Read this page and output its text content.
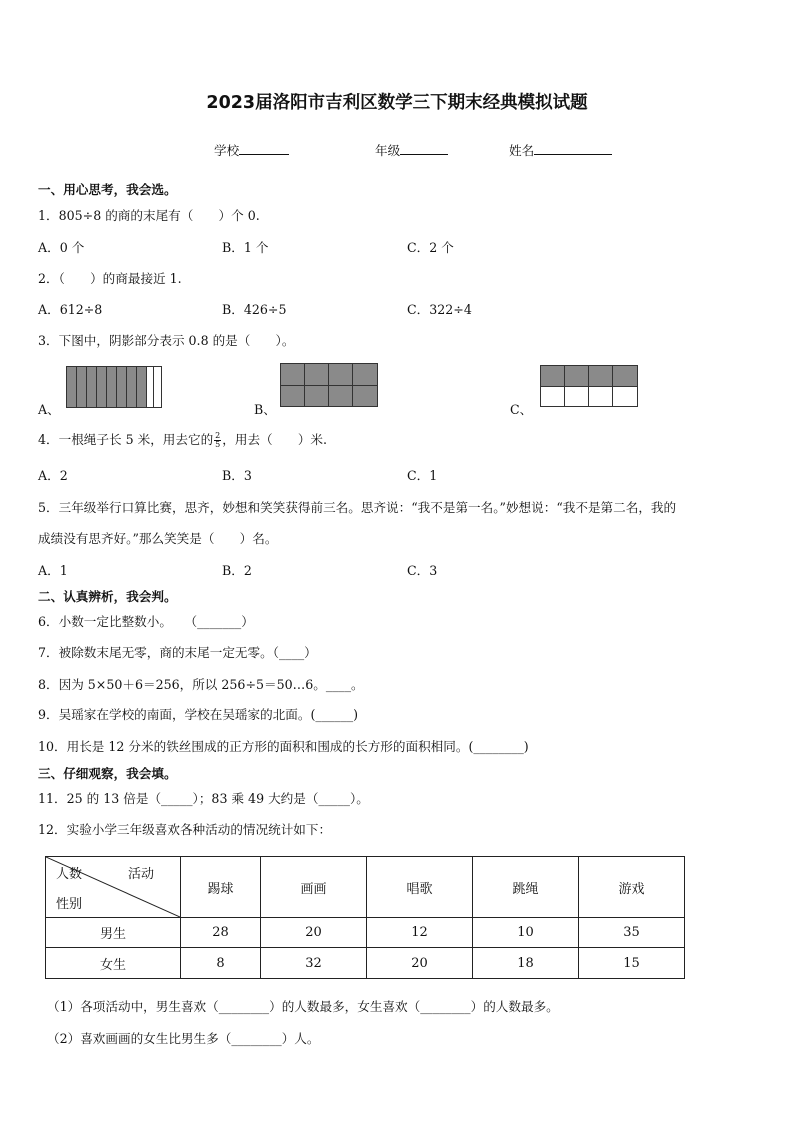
2023届洛阳市吉利区数学三下期末经典模拟试题
学校	年级	姓名
一、用心思考，我会选。
1．805÷8 的商的末尾有（　　）个 0.
A．0 个	B．1 个	C．2 个
2．（　　）的商最接近 1.
A．612÷8	B．426÷5	C．322÷4
3．下图中，阴影部分表示 0.8 的是（　　）。
A、	B、	C、
4．一根绳子长 5 米，用去它的 $\frac{2}{5}$ ，用去（　　）米.
A．2	B．3	C．1
5．三年级举行口算比赛，思齐，妙想和笑笑获得前三名。思齐说：“我不是第一名。”妙想说：“我不是第二名，我的
成绩没有思齐好。”那么笑笑是（　　）名。
A．1	B．2	C．3
二、认真辨析，我会判。
6．小数一定比整数小。　　（_______）
7．被除数末尾无零，商的末尾一定无零。（____）
8．因为 5×50＋6＝256，所以 256÷5＝50…6。____。
9．吴瑶家在学校的南面，学校在吴瑶家的北面。(______)
10．用长是 12 分米的铁丝围成的正方形的面积和围成的长方形的面积相同。(________)
三、仔细观察，我会填。
11．25 的 13 倍是（_____）；83 乘 49 大约是（_____）。
12．实验小学三年级喜欢各种活动的情况统计如下：
人数 活动
性别	踢球	画画	唱歌	跳绳	游戏
男生	28	20	12	10	35
女生	8	32	20	18	15
（1）各项活动中，男生喜欢（________）的人数最多，女生喜欢（________）的人数最多。
（2）喜欢画画的女生比男生多（________）人。
